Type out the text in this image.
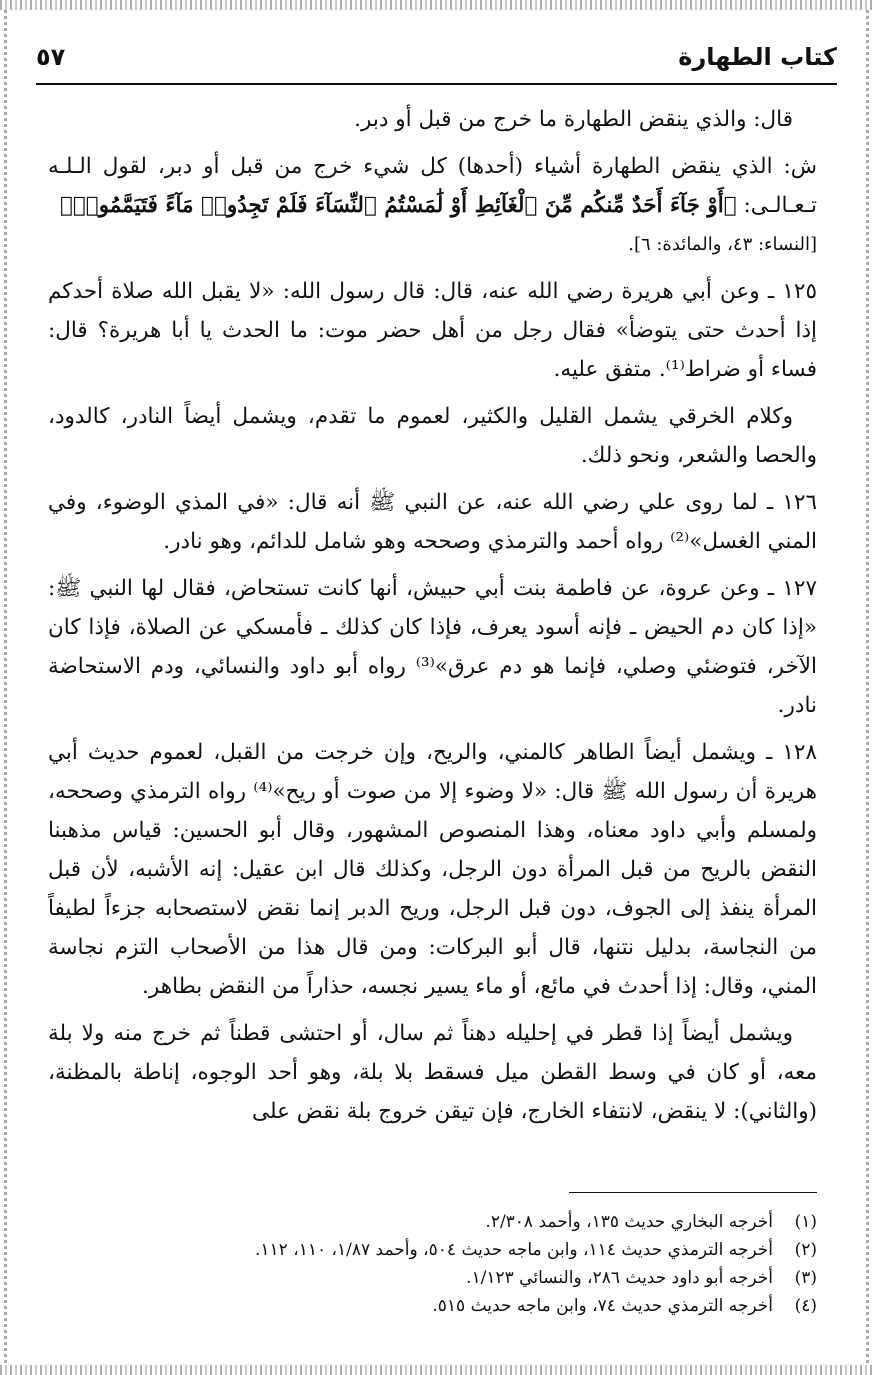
كتاب الطهارة
٥٧

قال: والذي ينقض الطهارة ما خرج من قبل أو دبر.

ش: الذي ينقض الطهارة أشياء (أحدها) كل شيء خرج من قبل أو دبر، لقول الـلـه تـعـالـى: ﴿أَوْ جَآءَ أَحَدٌ مِّنكُم مِّنَ ٱلْغَآئِطِ أَوْ لَٰمَسْتُمُ ٱلنِّسَآءَ فَلَمْ تَجِدُوا۟ مَآءً فَتَيَمَّمُوا۟﴾
[النساء: ٤٣، والمائدة: ٦].

١٢٥ ـ وعن أبي هريرة رضي الله عنه، قال: قال رسول الله: «لا يقبل الله صلاة أحدكم إذا أحدث حتى يتوضأ» فقال رجل من أهل حضر موت: ما الحدث يا أبا هريرة؟ قال: فساء أو ضراط⁽¹⁾. متفق عليه.

وكلام الخرقي يشمل القليل والكثير، لعموم ما تقدم، ويشمل أيضاً النادر، كالدود، والحصا والشعر، ونحو ذلك.

١٢٦ ـ لما روى علي رضي الله عنه، عن النبي ﷺ أنه قال: «في المذي الوضوء، وفي المني الغسل»⁽²⁾ رواه أحمد والترمذي وصححه وهو شامل للدائم، وهو نادر.

١٢٧ ـ وعن عروة، عن فاطمة بنت أبي حبيش، أنها كانت تستحاض، فقال لها النبي ﷺ: «إذا كان دم الحيض ـ فإنه أسود يعرف، فإذا كان كذلك ـ فأمسكي عن الصلاة، فإذا كان الآخر، فتوضئي وصلي، فإنما هو دم عرق»⁽³⁾ رواه أبو داود والنسائي، ودم الاستحاضة نادر.

١٢٨ ـ ويشمل أيضاً الطاهر كالمني، والريح، وإن خرجت من القبل، لعموم حديث أبي هريرة أن رسول الله ﷺ قال: «لا وضوء إلا من صوت أو ريح»⁽⁴⁾ رواه الترمذي وصححه، ولمسلم وأبي داود معناه، وهذا المنصوص المشهور، وقال أبو الحسين: قياس مذهبنا النقض بالريح من قبل المرأة دون الرجل، وكذلك قال ابن عقيل: إنه الأشبه، لأن قبل المرأة ينفذ إلى الجوف، دون قبل الرجل، وريح الدبر إنما نقض لاستصحابه جزءاً لطيفاً من النجاسة، بدليل نتنها، قال أبو البركات: ومن قال هذا من الأصحاب التزم نجاسة المني، وقال: إذا أحدث في مائع، أو ماء يسير نجسه، حذاراً من النقض بطاهر.

ويشمل أيضاً إذا قطر في إحليله دهناً ثم سال، أو احتشى قطناً ثم خرج منه ولا بلة معه، أو كان في وسط القطن ميل فسقط بلا بلة، وهو أحد الوجوه، إناطة بالمظنة، (والثاني): لا ينقض، لانتفاء الخارج، فإن تيقن خروج بلة نقض على

(١)
أخرجه البخاري حديث ١٣٥، وأحمد ٢/٣٠٨.
(٢)
أخرجه الترمذي حديث ١١٤، وابن ماجه حديث ٥٠٤، وأحمد ١/٨٧، ١١٠، ١١٢.
(٣)
أخرجه أبو داود حديث ٢٨٦، والنسائي ١/١٢٣.
(٤)
أخرجه الترمذي حديث ٧٤، وابن ماجه حديث ٥١٥.
